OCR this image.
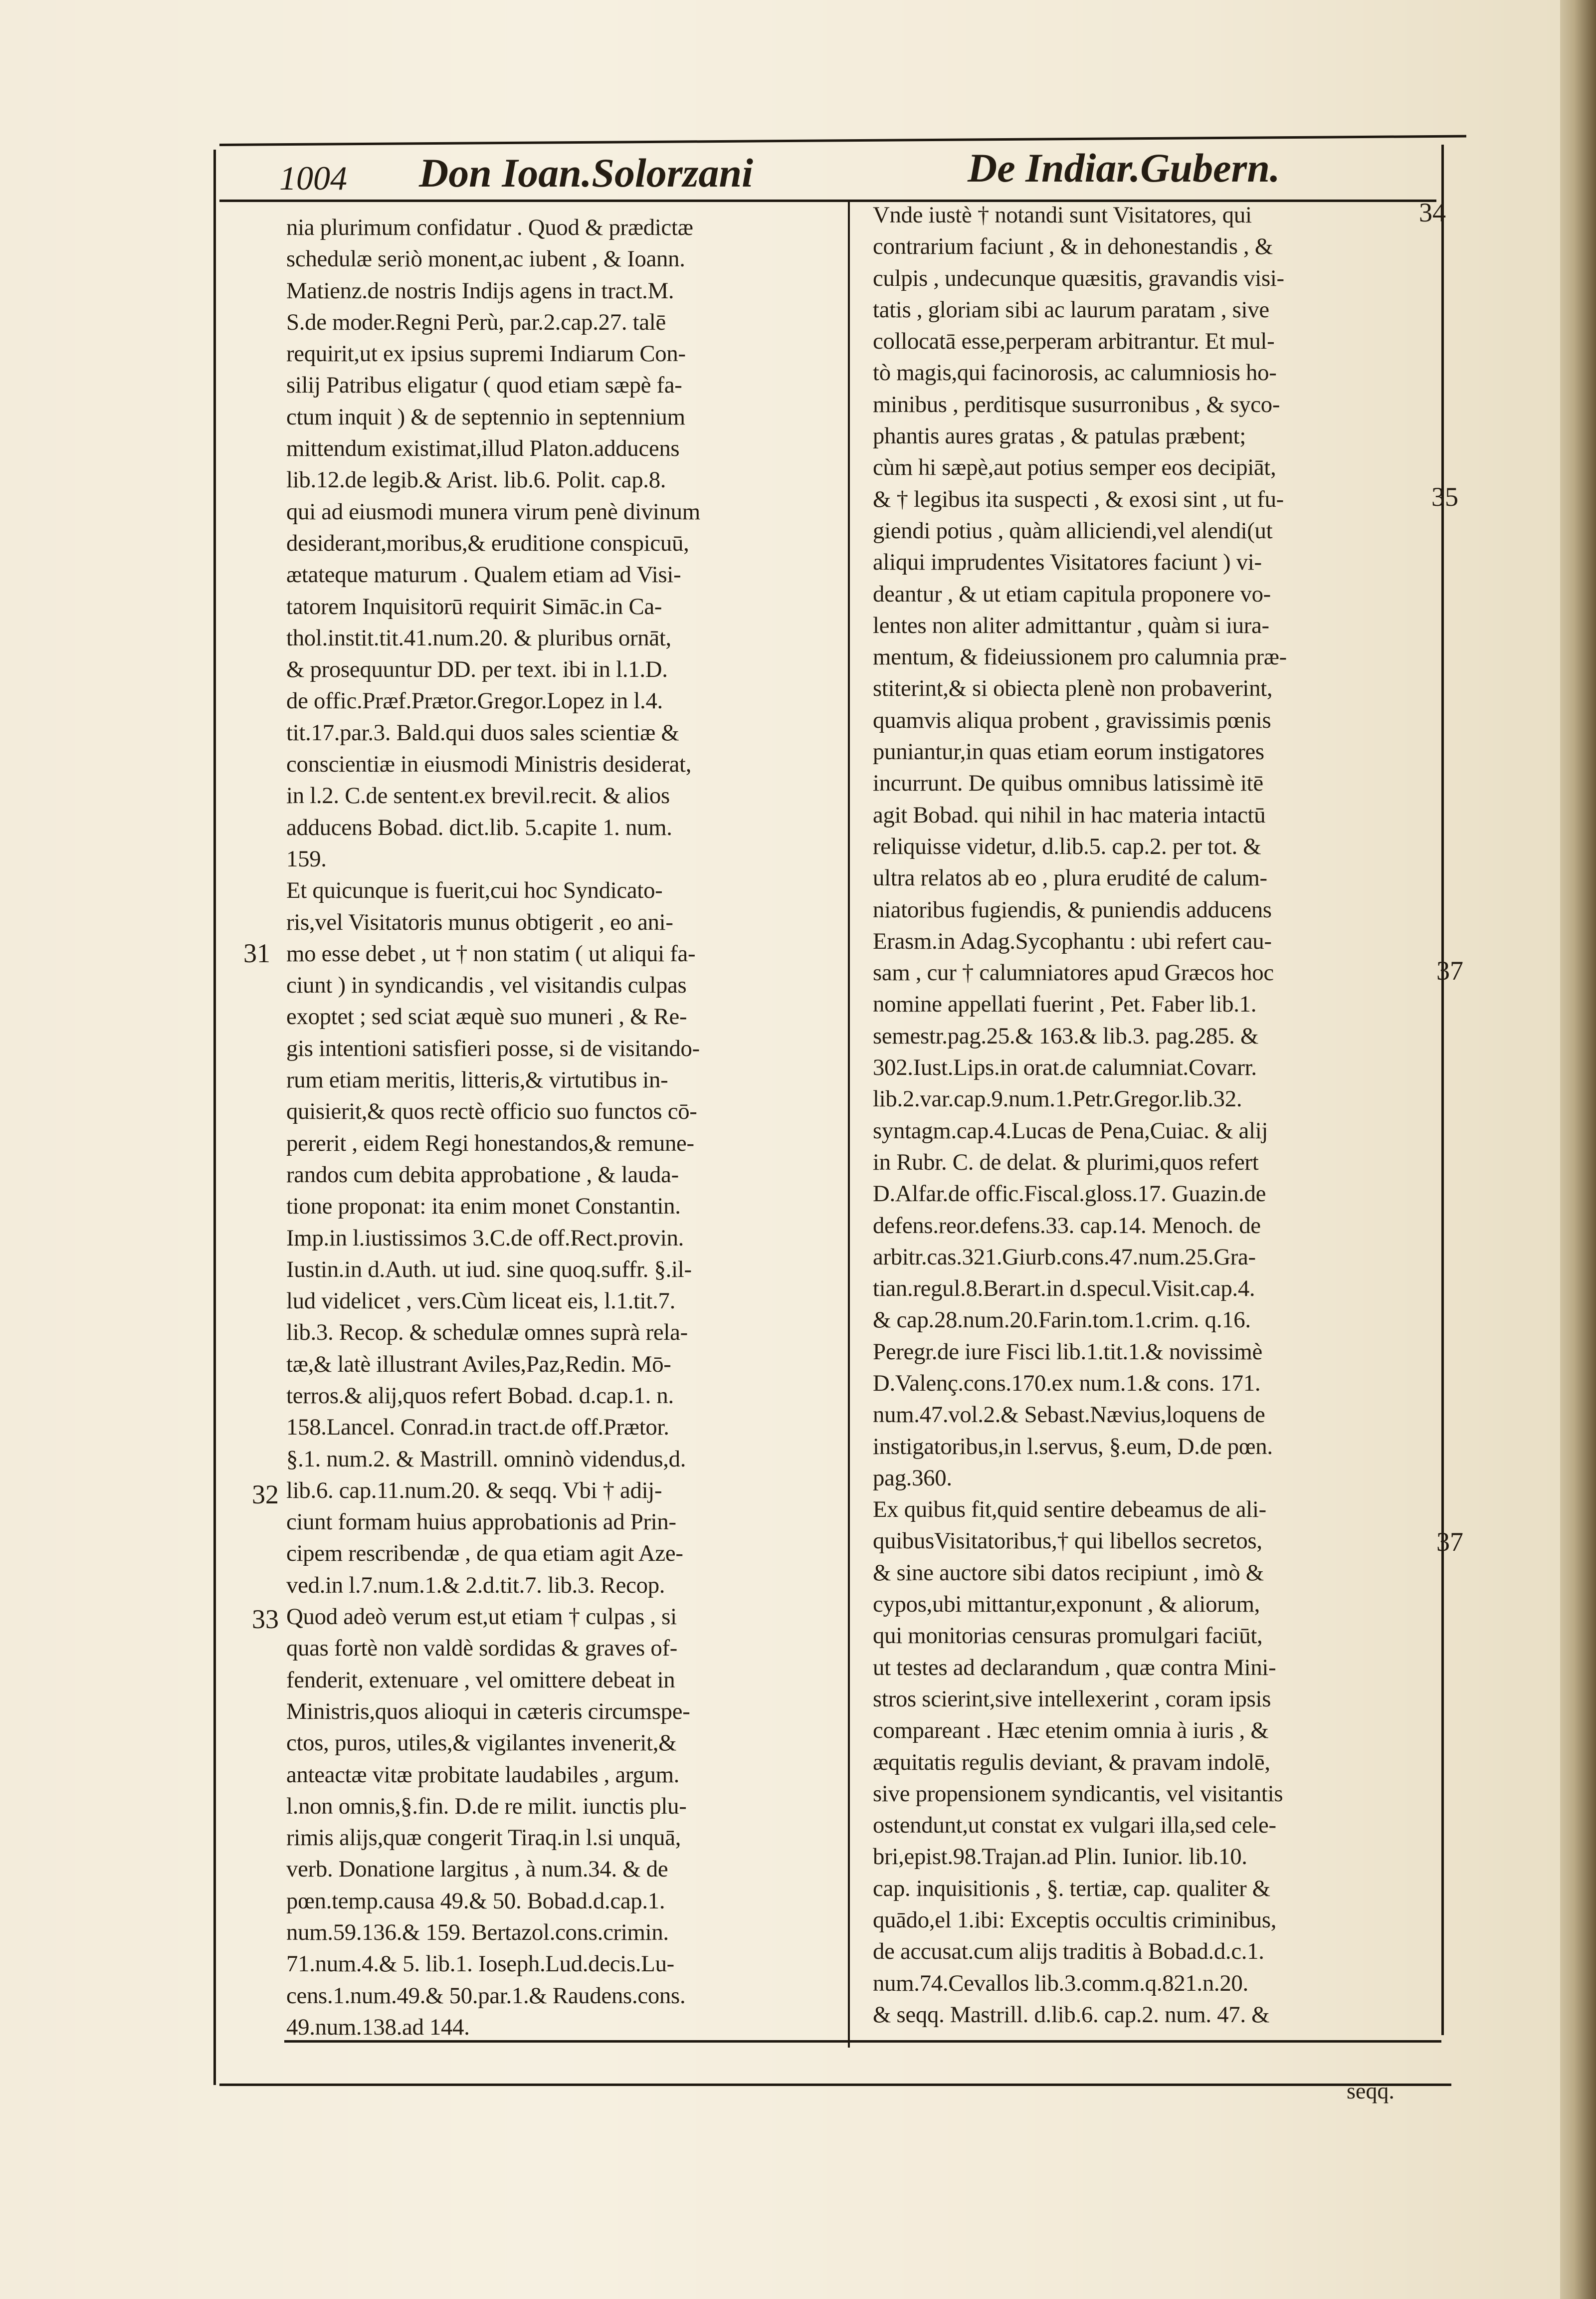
1004 Don Ioan.Solorzani	De Indiar.Gubern.
nia plurimum confidatur . Quod & prædictæ
schedulæ seriò monent,ac iubent , & Ioann.
Matienz.de nostris Indijs agens in tract.M.
S.de moder.Regni Perù, par.2.cap.27. talē
requirit,ut ex ipsius supremi Indiarum Con-
silij Patribus eligatur ( quod etiam sæpè fa-
ctum inquit ) & de septennio in septennium
mittendum existimat,illud Platon.adducens
lib.12.de legib.& Arist. lib.6. Polit. cap.8.
qui ad eiusmodi munera virum penè divinum
desiderant,moribus,& eruditione conspicuū,
ætateque maturum . Qualem etiam ad Visi-
tatorem Inquisitorū requirit Simāc.in Ca-
thol.instit.tit.41.num.20. & pluribus ornāt,
& prosequuntur DD. per text. ibi in l.1.D.
de offic.Præf.Prætor.Gregor.Lopez in l.4.
tit.17.par.3. Bald.qui duos sales scientiæ &
conscientiæ in eiusmodi Ministris desiderat,
in l.2. C.de sentent.ex brevil.recit. & alios
adducens Bobad. dict.lib. 5.capite 1. num.
159.
Et quicunque is fuerit,cui hoc Syndicato-
ris,vel Visitatoris munus obtigerit , eo ani-
mo esse debet , ut † non statim ( ut aliqui fa-
ciunt ) in syndicandis , vel visitandis culpas
exoptet ; sed sciat æquè suo muneri , & Re-
gis intentioni satisfieri posse, si de visitando-
rum etiam meritis, litteris,& virtutibus in-
quisierit,& quos rectè officio suo functos cō-
pererit , eidem Regi honestandos,& remune-
randos cum debita approbatione , & lauda-
tione proponat: ita enim monet Constantin.
Imp.in l.iustissimos 3.C.de off.Rect.provin.
Iustin.in d.Auth. ut iud. sine quoq.suffr. §.il-
lud videlicet , vers.Cùm liceat eis, l.1.tit.7.
lib.3. Recop. & schedulæ omnes suprà rela-
tæ,& latè illustrant Aviles,Paz,Redin. Mō-
terros.& alij,quos refert Bobad. d.cap.1. n.
158.Lancel. Conrad.in tract.de off.Prætor.
§.1. num.2. & Mastrill. omninò videndus,d.
lib.6. cap.11.num.20. & seqq. Vbi † adij-
ciunt formam huius approbationis ad Prin-
cipem rescribendæ , de qua etiam agit Aze-
ved.in l.7.num.1.& 2.d.tit.7. lib.3. Recop.
Quod adeò verum est,ut etiam † culpas , si
quas fortè non valdè sordidas & graves of-
fenderit, extenuare , vel omittere debeat in
Ministris,quos alioqui in cæteris circumspe-
ctos, puros, utiles,& vigilantes invenerit,&
anteactæ vitæ probitate laudabiles , argum.
l.non omnis,§.fin. D.de re milit. iunctis plu-
rimis alijs,quæ congerit Tiraq.in l.si unquā,
verb. Donatione largitus , à num.34. & de
pœn.temp.causa 49.& 50. Bobad.d.cap.1.
num.59.136.& 159. Bertazol.cons.crimin.
71.num.4.& 5. lib.1. Ioseph.Lud.decis.Lu-
cens.1.num.49.& 50.par.1.& Raudens.cons.
49.num.138.ad 144.
Vnde iustè † notandi sunt Visitatores, qui
contrarium faciunt , & in dehonestandis , &
culpis , undecunque quæsitis, gravandis visi-
tatis , gloriam sibi ac laurum paratam , sive
collocatā esse,perperam arbitrantur. Et mul-
tò magis,qui facinorosis, ac calumniosis ho-
minibus , perditisque susurronibus , & syco-
phantis aures gratas , & patulas præbent;
cùm hi sæpè,aut potius semper eos decipiāt,
& † legibus ita suspecti , & exosi sint , ut fu-
giendi potius , quàm alliciendi,vel alendi(ut
aliqui imprudentes Visitatores faciunt ) vi-
deantur , & ut etiam capitula proponere vo-
lentes non aliter admittantur , quàm si iura-
mentum, & fideiussionem pro calumnia præ-
stiterint,& si obiecta plenè non probaverint,
quamvis aliqua probent , gravissimis pœnis
puniantur,in quas etiam eorum instigatores
incurrunt. De quibus omnibus latissimè itē
agit Bobad. qui nihil in hac materia intactū
reliquisse videtur, d.lib.5. cap.2. per tot. &
ultra relatos ab eo , plura erudité de calum-
niatoribus fugiendis, & puniendis adducens
Erasm.in Adag.Sycophantu : ubi refert cau-
sam , cur † calumniatores apud Græcos hoc
nomine appellati fuerint , Pet. Faber lib.1.
semestr.pag.25.& 163.& lib.3. pag.285. &
302.Iust.Lips.in orat.de calumniat.Covarr.
lib.2.var.cap.9.num.1.Petr.Gregor.lib.32.
syntagm.cap.4.Lucas de Pena,Cuiac. & alij
in Rubr. C. de delat. & plurimi,quos refert
D.Alfar.de offic.Fiscal.gloss.17. Guazin.de
defens.reor.defens.33. cap.14. Menoch. de
arbitr.cas.321.Giurb.cons.47.num.25.Gra-
tian.regul.8.Berart.in d.specul.Visit.cap.4.
& cap.28.num.20.Farin.tom.1.crim. q.16.
Peregr.de iure Fisci lib.1.tit.1.& novissimè
D.Valenç.cons.170.ex num.1.& cons. 171.
num.47.vol.2.& Sebast.Nævius,loquens de
instigatoribus,in l.servus, §.eum, D.de pœn.
pag.360.
Ex quibus fit,quid sentire debeamus de ali-
quibusVisitatoribus,† qui libellos secretos,
& sine auctore sibi datos recipiunt , imò &
cypos,ubi mittantur,exponunt , & aliorum,
qui monitorias censuras promulgari faciūt,
ut testes ad declarandum , quæ contra Mini-
stros scierint,sive intellexerint , coram ipsis
compareant . Hæc etenim omnia à iuris , &
æquitatis regulis deviant, & pravam indolē,
sive propensionem syndicantis, vel visitantis
ostendunt,ut constat ex vulgari illa,sed cele-
bri,epist.98.Trajan.ad Plin. Iunior. lib.10.
cap. inquisitionis , §. tertiæ, cap. qualiter &
quādo,el 1.ibi: Exceptis occultis criminibus,
de accusat.cum alijs traditis à Bobad.d.c.1.
num.74.Cevallos lib.3.comm.q.821.n.20.
& seqq. Mastrill. d.lib.6. cap.2. num. 47. &
31
32
33
34
35
37
37
seqq.
